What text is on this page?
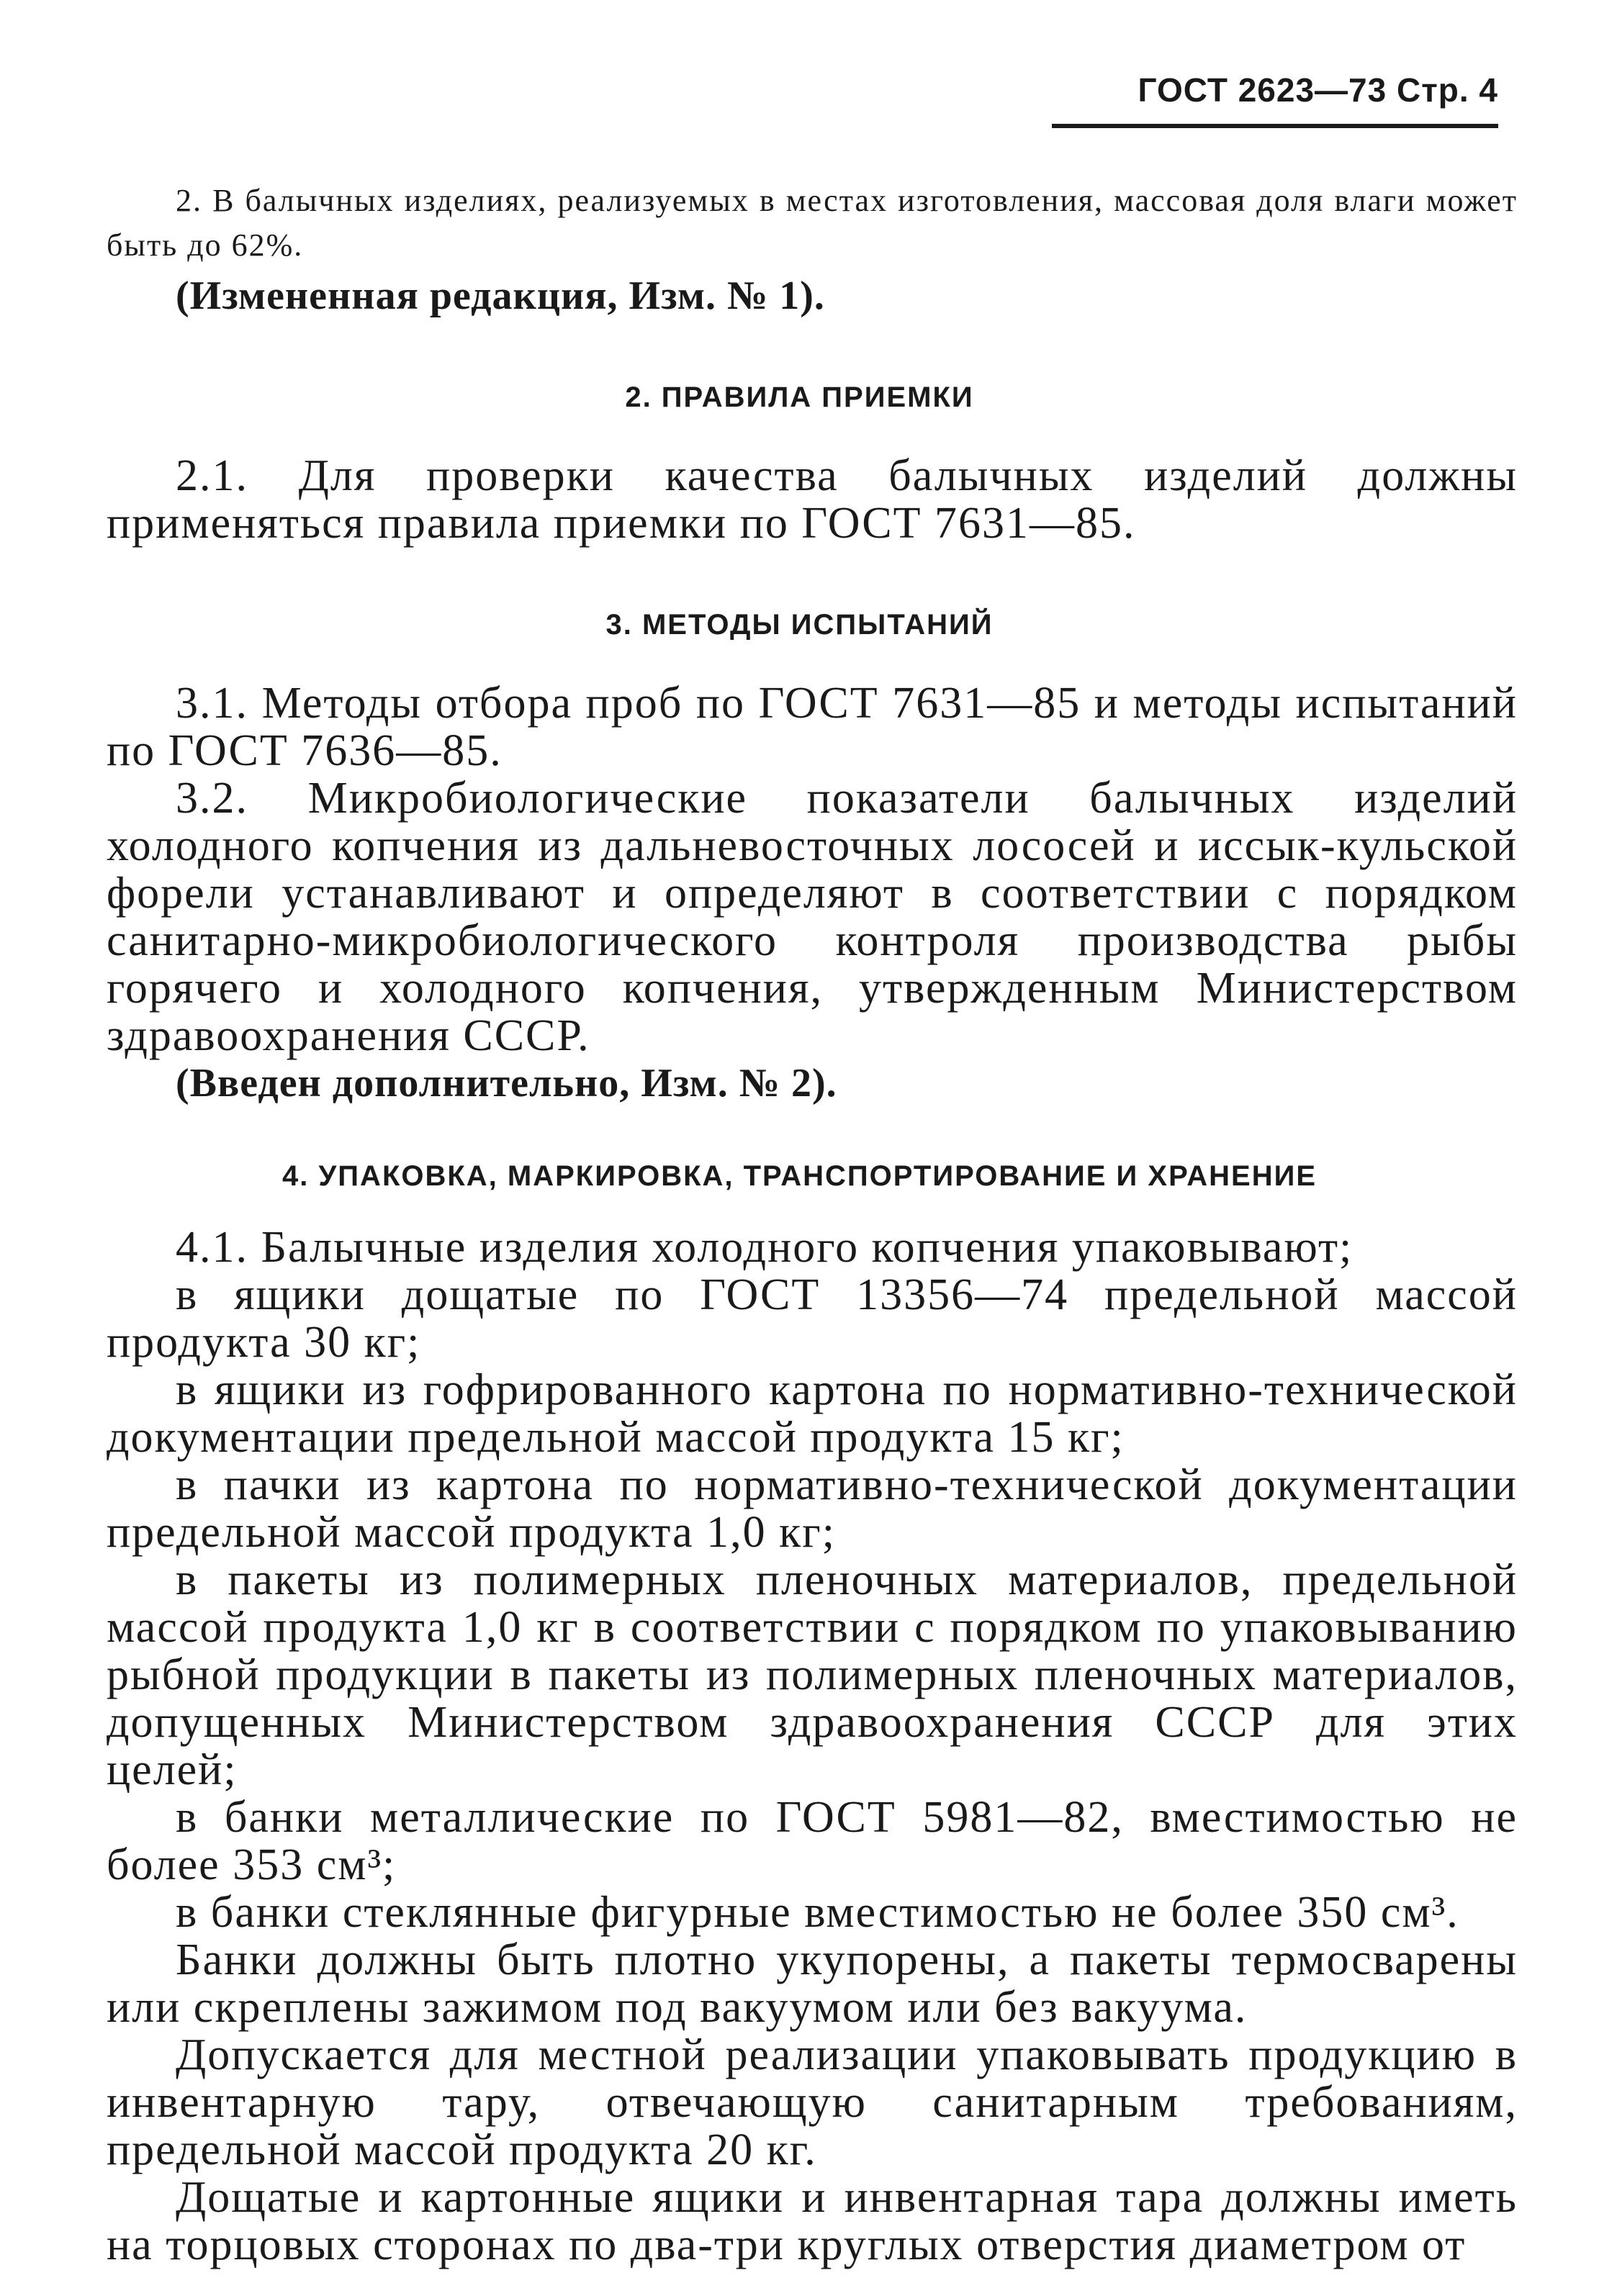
ГОСТ 2623—73 Стр. 4

2. В балычных изделиях, реализуемых в местах изготовления, массовая доля влаги может быть до 62%.

(Измененная редакция, Изм. № 1).

2. ПРАВИЛА ПРИЕМКИ

2.1. Для проверки качества балычных изделий должны применяться правила приемки по ГОСТ 7631—85.

3. МЕТОДЫ ИСПЫТАНИЙ

3.1. Методы отбора проб по ГОСТ 7631—85 и методы испытаний по ГОСТ 7636—85.

3.2. Микробиологические показатели балычных изделий холодного копчения из дальневосточных лососей и иссык-кульской форели устанавливают и определяют в соответствии с порядком санитарно-микробиологического контроля производства рыбы горячего и холодного копчения, утвержденным Министерством здравоохранения СССР.

(Введен дополнительно, Изм. № 2).

4. УПАКОВКА, МАРКИРОВКА, ТРАНСПОРТИРОВАНИЕ И ХРАНЕНИЕ

4.1. Балычные изделия холодного копчения упаковывают;

в ящики дощатые по ГОСТ 13356—74 предельной массой продукта 30 кг;

в ящики из гофрированного картона по нормативно-технической документации предельной массой продукта 15 кг;

в пачки из картона по нормативно-технической документации предельной массой продукта 1,0 кг;

в пакеты из полимерных пленочных материалов, предельной массой продукта 1,0 кг в соответствии с порядком по упаковыванию рыбной продукции в пакеты из полимерных пленочных материалов, допущенных Министерством здравоохранения СССР для этих целей;

в банки металлические по ГОСТ 5981—82, вместимостью не более 353 см³;

в банки стеклянные фигурные вместимостью не более 350 см³.

Банки должны быть плотно укупорены, а пакеты термосварены или скреплены зажимом под вакуумом или без вакуума.

Допускается для местной реализации упаковывать продукцию в инвентарную тару, отвечающую санитарным требованиям, предельной массой продукта 20 кг.

Дощатые и картонные ящики и инвентарная тара должны иметь на торцовых сторонах по два-три круглых отверстия диаметром от
